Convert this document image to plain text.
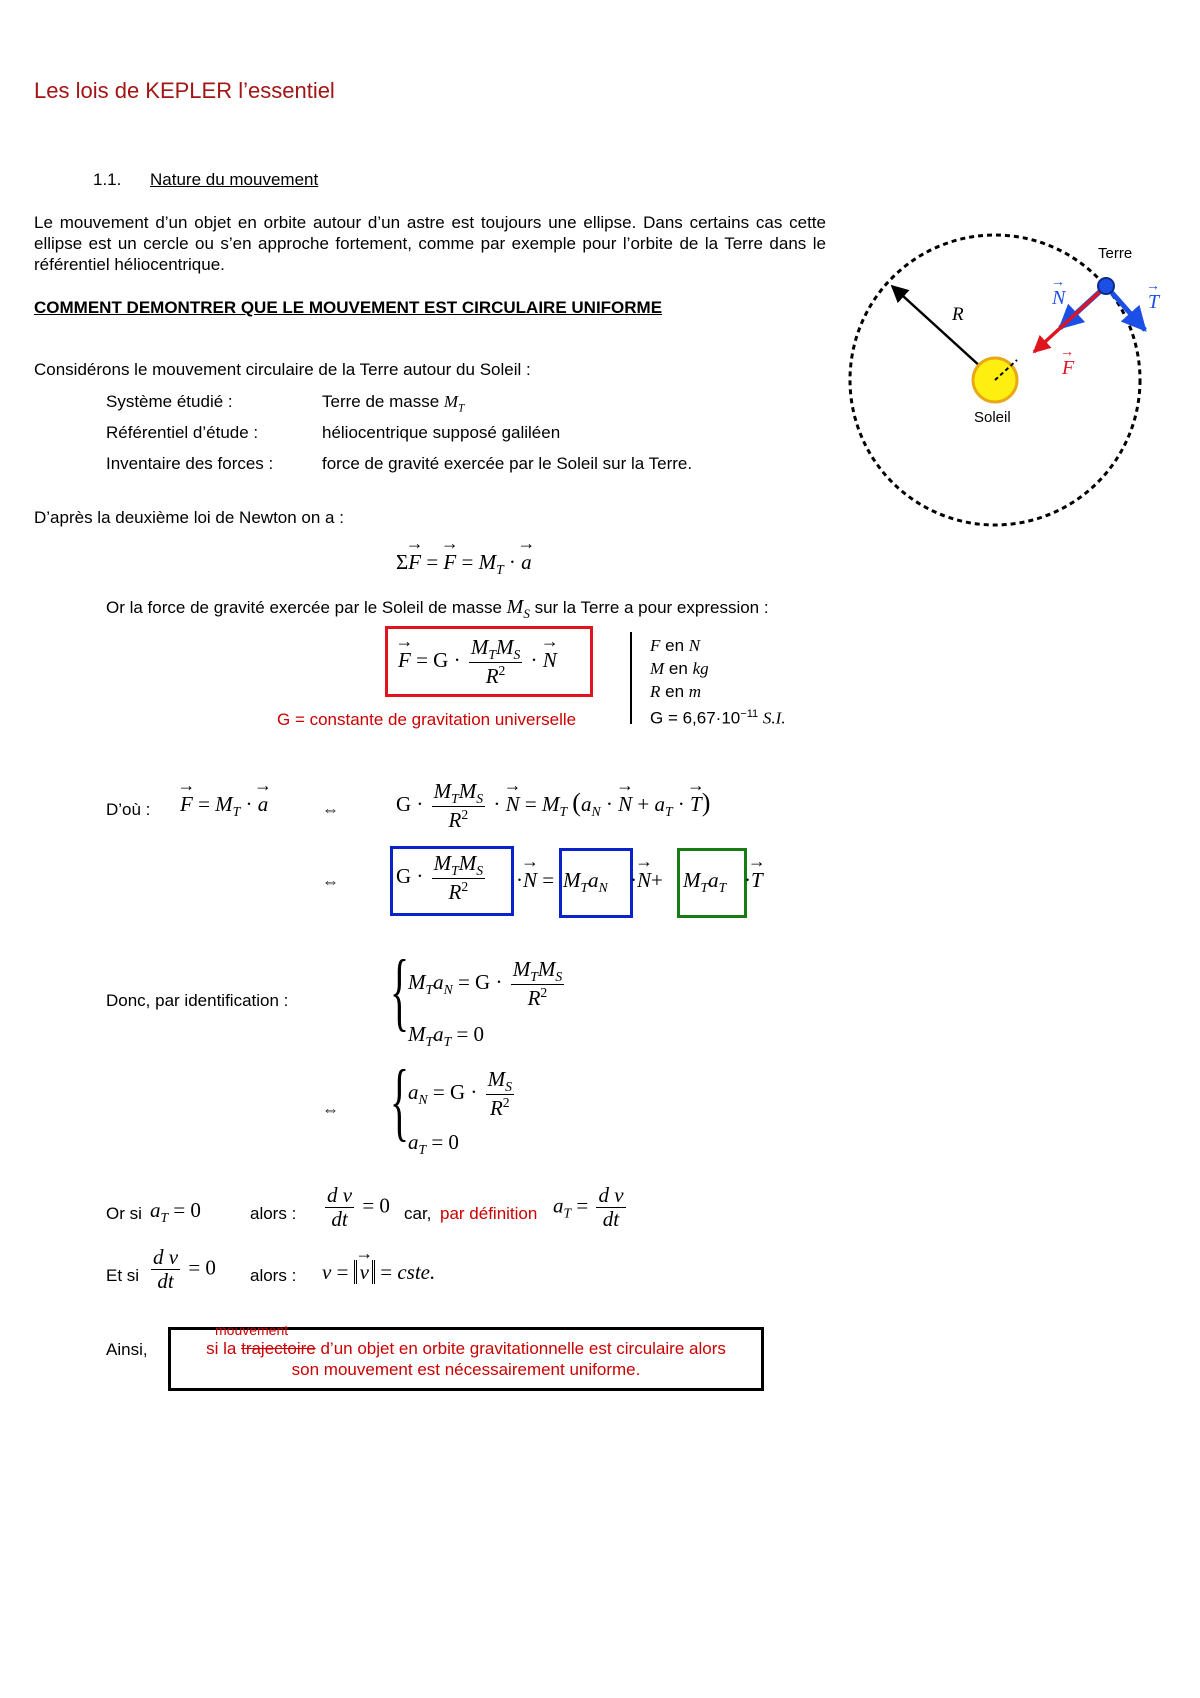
Les lois de KEPLER l’essentiel
1.1. Nature du mouvement
Le mouvement d’un objet en orbite autour d’un astre est toujours une ellipse. Dans certains cas cette ellipse est un cercle ou s’en approche fortement, comme par exemple pour l’orbite de la Terre dans le référentiel héliocentrique.
COMMENT DEMONTRER QUE LE MOUVEMENT EST CIRCULAIRE UNIFORME
Considérons le mouvement circulaire de la Terre autour du Soleil :
Système étudié :	Terre de masse $M_T$
Référentiel d’étude :	héliocentrique supposé galiléen
Inventaire des forces :	force de gravité exercée par le Soleil sur la Terre.
D’après la deuxième loi de Newton on a :
Σ→ F = → $F = M_T$ · → a
Or la force de gravité exercée par le Soleil de masse $M_S$ sur la Terre a pour expression :
→ $F = G \cdot \frac{M_TM_S}{R^2}$ · → N
G = constante de gravitation universelle
F en N
M en kg
R en m
$G = 6,67\cdot 10^{-11}$ S.I.
D’où : → $F = M_T$ · → a	⇔	$G \cdot \frac{M_TM_S}{R^2}$ · → $N = M_T$ ($a_N$ · → $N + a_T$ · → T)
⇔	$G \cdot \frac{M_TM_S}{R^2} \cdot\to N = M_Ta_N \cdot\to N+ M_Ta_T \cdot\to T$
Donc, par identification : {
$M_Ta_N = G \cdot \frac{M_TM_S}{R^2}$
$M_Ta_T = 0$
⇔ {
$a_N = G \cdot \frac{M_S}{R^2}$
$a_T = 0$
Or si $a_T = 0$	alors : $\frac{\text{d v}}{dt} = 0$ car, par définition $a_T = \frac{\text{d v}}{dt}$
Et si $\frac{\text{d v}}{dt} = 0$ alors : v = → v = cste.
Ainsi,
mouvement
si la trajectoire d’un objet en orbite gravitationnelle est circulaire alors
son mouvement est nécessairement uniforme.
R
Soleil
Terre
N
→
T
→
F
→
